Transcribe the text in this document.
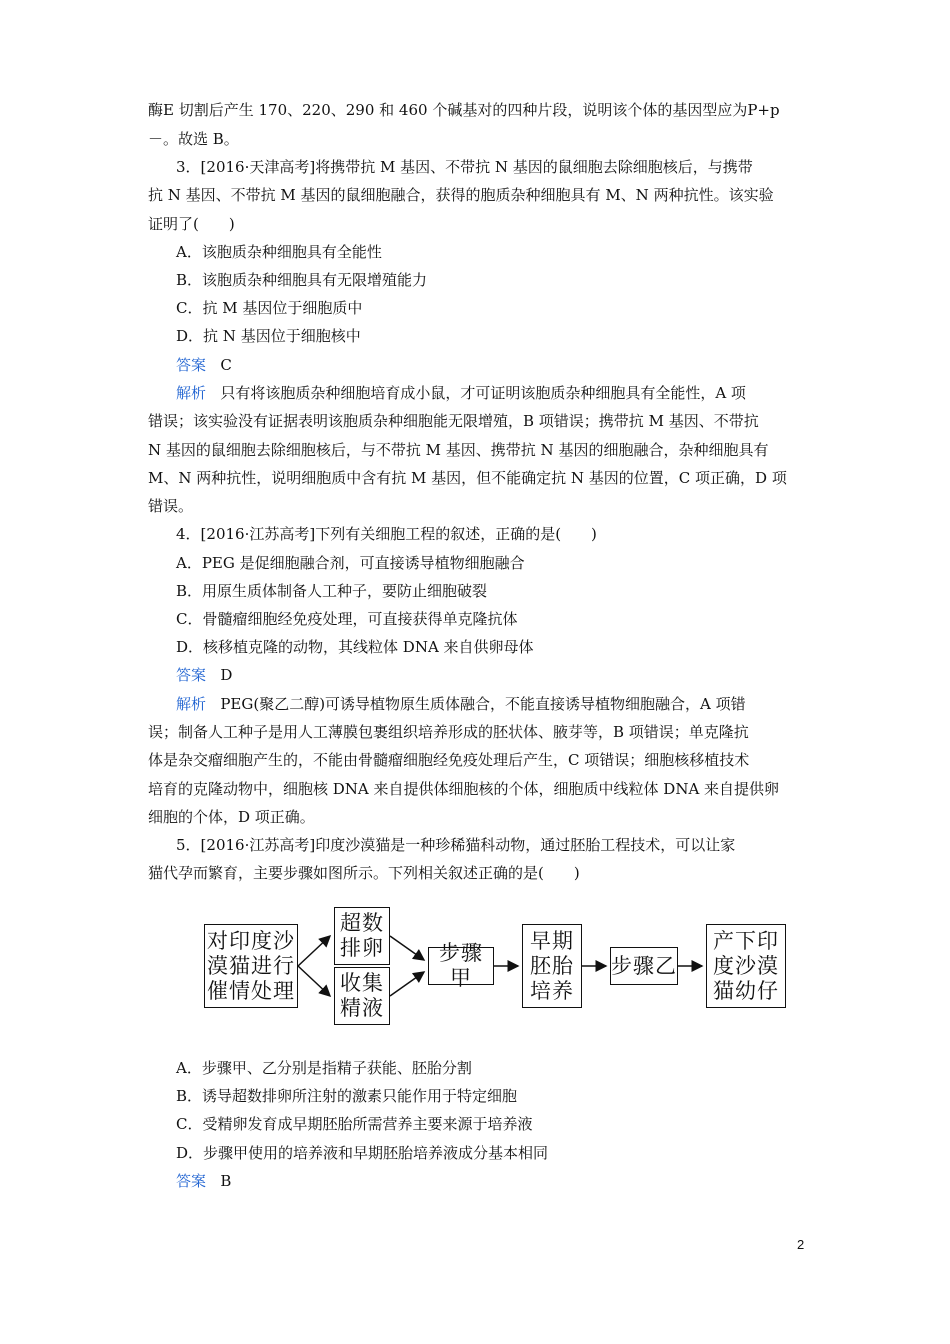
酶E 切割后产生 170、220、290 和 460 个碱基对的四种片段，说明该个体的基因型应为P+p
－。故选 B。
3．[2016·天津高考]将携带抗 M 基因、不带抗 N 基因的鼠细胞去除细胞核后，与携带
抗 N 基因、不带抗 M 基因的鼠细胞融合，获得的胞质杂种细胞具有 M、N 两种抗性。该实验
证明了(　　)
A．该胞质杂种细胞具有全能性
B．该胞质杂种细胞具有无限增殖能力
C．抗 M 基因位于细胞质中
D．抗 N 基因位于细胞核中
答案 C
解析 只有将该胞质杂种细胞培育成小鼠，才可证明该胞质杂种细胞具有全能性，A 项
错误；该实验没有证据表明该胞质杂种细胞能无限增殖，B 项错误；携带抗 M 基因、不带抗
N 基因的鼠细胞去除细胞核后，与不带抗 M 基因、携带抗 N 基因的细胞融合，杂种细胞具有
M、N 两种抗性，说明细胞质中含有抗 M 基因，但不能确定抗 N 基因的位置，C 项正确，D 项
错误。
4．[2016·江苏高考]下列有关细胞工程的叙述，正确的是(　　)
A．PEG 是促细胞融合剂，可直接诱导植物细胞融合
B．用原生质体制备人工种子，要防止细胞破裂
C．骨髓瘤细胞经免疫处理，可直接获得单克隆抗体
D．核移植克隆的动物，其线粒体 DNA 来自供卵母体
答案 D
解析 PEG(聚乙二醇)可诱导植物原生质体融合，不能直接诱导植物细胞融合，A 项错
误；制备人工种子是用人工薄膜包裹组织培养形成的胚状体、腋芽等，B 项错误；单克隆抗
体是杂交瘤细胞产生的，不能由骨髓瘤细胞经免疫处理后产生，C 项错误；细胞核移植技术
培育的克隆动物中，细胞核 DNA 来自提供体细胞核的个体，细胞质中线粒体 DNA 来自提供卵
细胞的个体，D 项正确。
5．[2016·江苏高考]印度沙漠猫是一种珍稀猫科动物，通过胚胎工程技术，可以让家
猫代孕而繁育，主要步骤如图所示。下列相关叙述正确的是(　　)
对印度沙
漠猫进行
催情处理
超数
排卵
收集
精液
步骤甲
早期
胚胎
培养
步骤乙
产下印
度沙漠
猫幼仔
A．步骤甲、乙分别是指精子获能、胚胎分割
B．诱导超数排卵所注射的激素只能作用于特定细胞
C．受精卵发育成早期胚胎所需营养主要来源于培养液
D．步骤甲使用的培养液和早期胚胎培养液成分基本相同
答案 B
2
